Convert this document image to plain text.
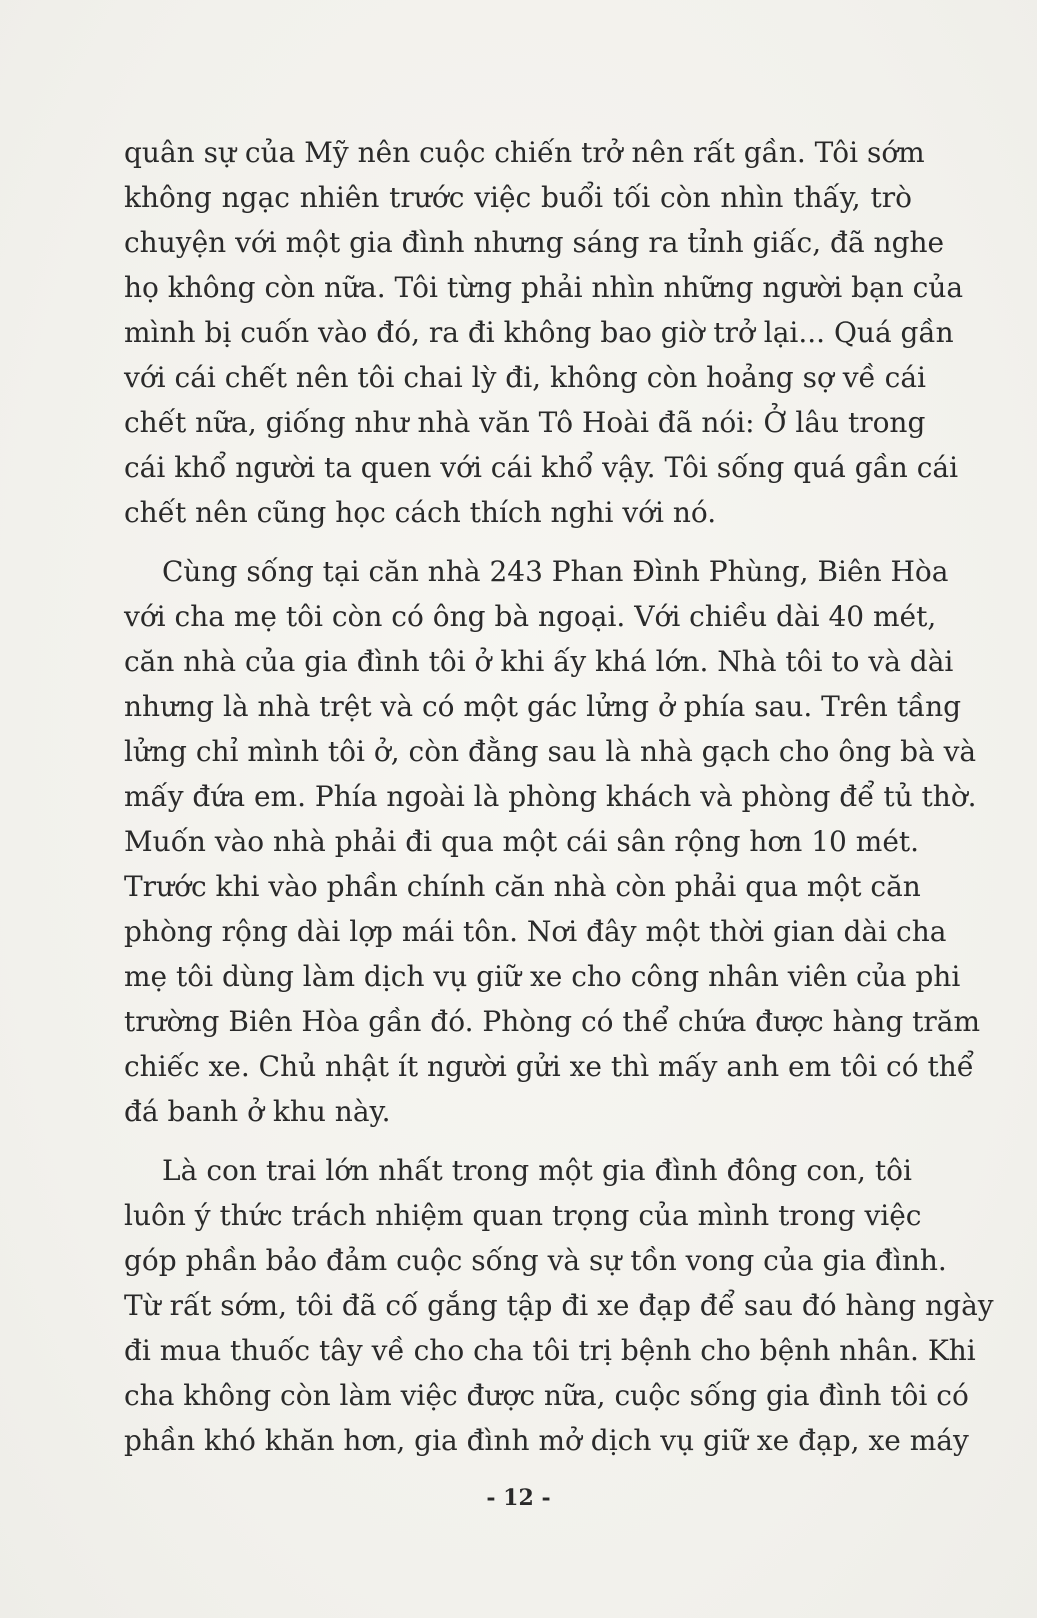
quân sự của Mỹ nên cuộc chiến trở nên rất gần. Tôi sớm
không ngạc nhiên trước việc buổi tối còn nhìn thấy, trò
chuyện với một gia đình nhưng sáng ra tỉnh giấc, đã nghe
họ không còn nữa. Tôi từng phải nhìn những người bạn của
mình bị cuốn vào đó, ra đi không bao giờ trở lại... Quá gần
với cái chết nên tôi chai lỳ đi, không còn hoảng sợ về cái
chết nữa, giống như nhà văn Tô Hoài đã nói: Ở lâu trong
cái khổ người ta quen với cái khổ vậy. Tôi sống quá gần cái
chết nên cũng học cách thích nghi với nó.
Cùng sống tại căn nhà 243 Phan Đình Phùng, Biên Hòa
với cha mẹ tôi còn có ông bà ngoại. Với chiều dài 40 mét,
căn nhà của gia đình tôi ở khi ấy khá lớn. Nhà tôi to và dài
nhưng là nhà trệt và có một gác lửng ở phía sau. Trên tầng
lửng chỉ mình tôi ở, còn đằng sau là nhà gạch cho ông bà và
mấy đứa em. Phía ngoài là phòng khách và phòng để tủ thờ.
Muốn vào nhà phải đi qua một cái sân rộng hơn 10 mét.
Trước khi vào phần chính căn nhà còn phải qua một căn
phòng rộng dài lợp mái tôn. Nơi đây một thời gian dài cha
mẹ tôi dùng làm dịch vụ giữ xe cho công nhân viên của phi
trường Biên Hòa gần đó. Phòng có thể chứa được hàng trăm
chiếc xe. Chủ nhật ít người gửi xe thì mấy anh em tôi có thể
đá banh ở khu này.
Là con trai lớn nhất trong một gia đình đông con, tôi
luôn ý thức trách nhiệm quan trọng của mình trong việc
góp phần bảo đảm cuộc sống và sự tồn vong của gia đình.
Từ rất sớm, tôi đã cố gắng tập đi xe đạp để sau đó hàng ngày
đi mua thuốc tây về cho cha tôi trị bệnh cho bệnh nhân. Khi
cha không còn làm việc được nữa, cuộc sống gia đình tôi có
phần khó khăn hơn, gia đình mở dịch vụ giữ xe đạp, xe máy
- 12 -
